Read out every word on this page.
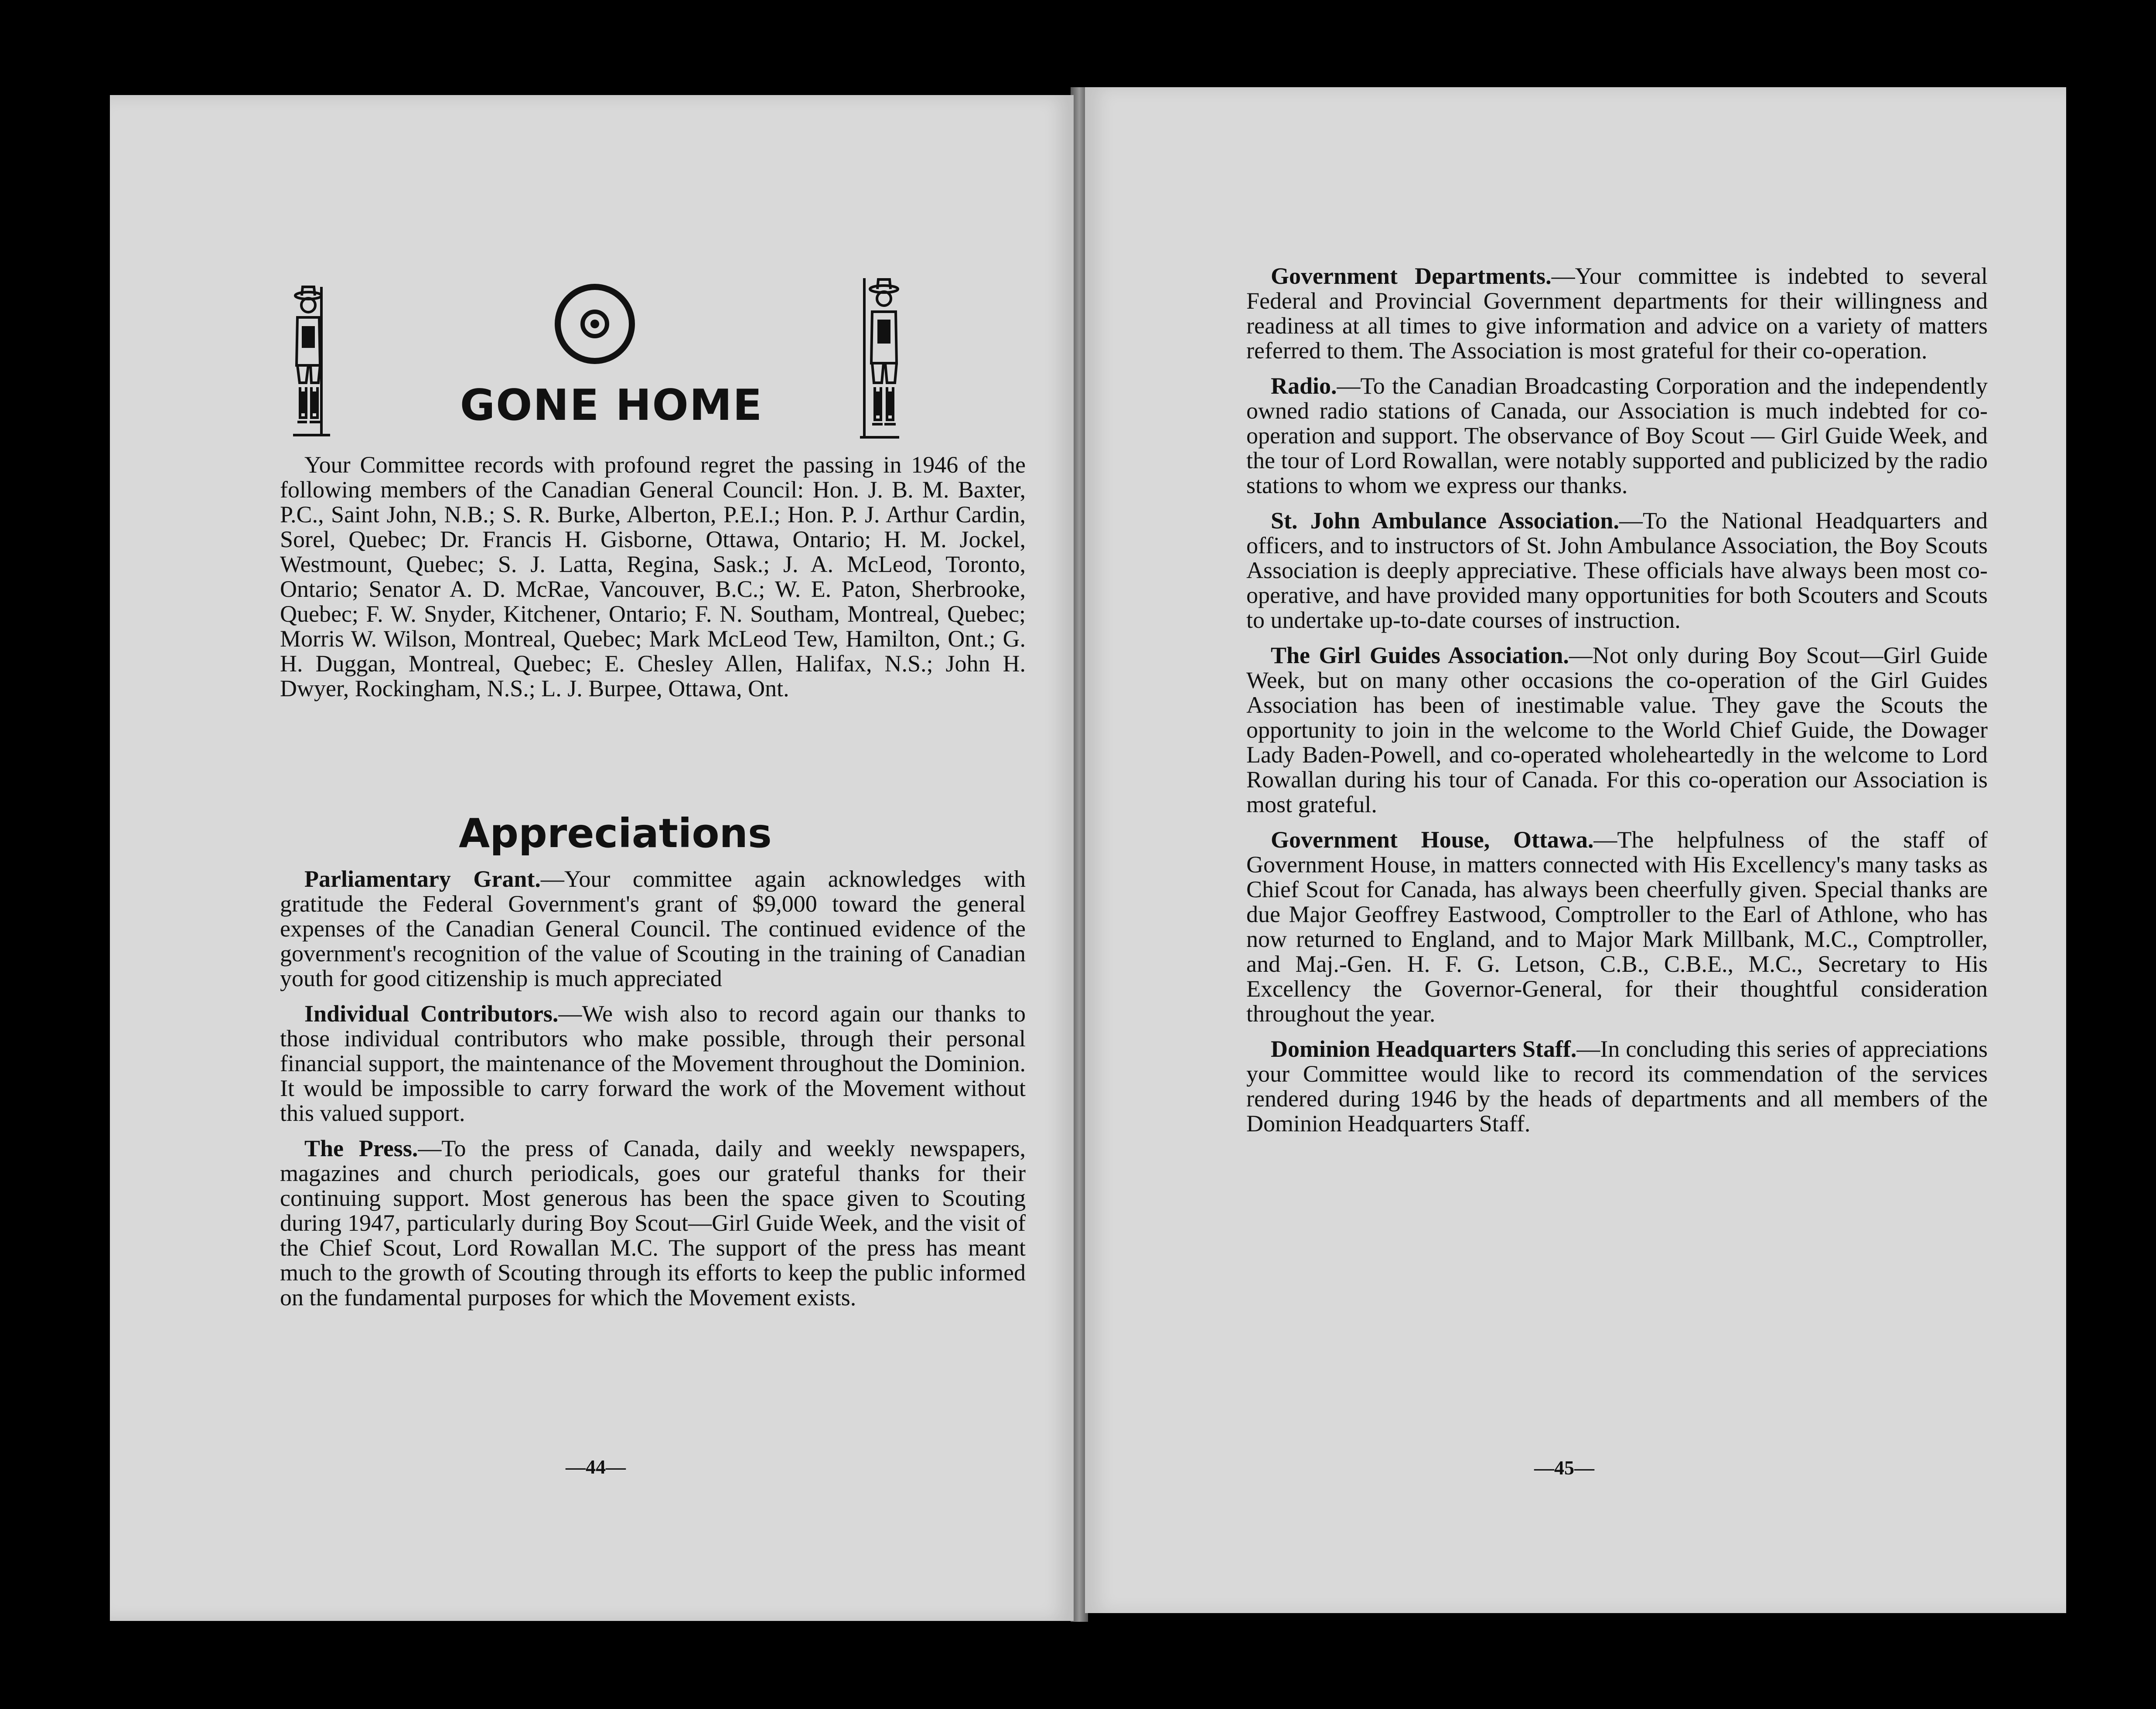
GONE HOME

Your Committee records with profound regret the passing in 1946 of the following members of the Canadian General Council: Hon. J. B. M. Baxter, P.C., Saint John, N.B.; S. R. Burke, Alberton, P.E.I.; Hon. P. J. Arthur Cardin, Sorel, Quebec; Dr. Francis H. Gisborne, Ottawa, Ontario; H. M. Jockel, Westmount, Quebec; S. J. Latta, Regina, Sask.; J. A. McLeod, Toronto, Ontario; Senator A. D. McRae, Vancouver, B.C.; W. E. Paton, Sherbrooke, Quebec; F. W. Snyder, Kitchener, Ontario; F. N. Southam, Montreal, Quebec; Morris W. Wilson, Montreal, Quebec; Mark McLeod Tew, Hamilton, Ont.; G. H. Duggan, Montreal, Quebec; E. Chesley Allen, Halifax, N.S.; John H. Dwyer, Rockingham, N.S.; L. J. Burpee, Ottawa, Ont.

Appreciations

Parliamentary Grant.—Your committee again acknowledges with gratitude the Federal Government's grant of $9,000 toward the general expenses of the Canadian General Council. The continued evidence of the government's recognition of the value of Scouting in the training of Canadian youth for good citizenship is much appreciated

Individual Contributors.—We wish also to record again our thanks to those individual contributors who make possible, through their personal financial support, the maintenance of the Movement throughout the Dominion. It would be impossible to carry forward the work of the Movement without this valued support.

The Press.—To the press of Canada, daily and weekly newspapers, magazines and church periodicals, goes our grateful thanks for their continuing support. Most generous has been the space given to Scouting during 1947, particularly during Boy Scout—Girl Guide Week, and the visit of the Chief Scout, Lord Rowallan M.C. The support of the press has meant much to the growth of Scouting through its efforts to keep the public informed on the fundamental purposes for which the Movement exists.

—44—

Government Departments.—Your committee is indebted to several Federal and Provincial Government departments for their willingness and readiness at all times to give information and advice on a variety of matters referred to them. The Association is most grateful for their co-operation.

Radio.—To the Canadian Broadcasting Corporation and the independently owned radio stations of Canada, our Association is much indebted for co-operation and support. The observance of Boy Scout — Girl Guide Week, and the tour of Lord Rowallan, were notably supported and publicized by the radio stations to whom we express our thanks.

St. John Ambulance Association.—To the National Headquarters and officers, and to instructors of St. John Ambulance Association, the Boy Scouts Association is deeply appreciative. These officials have always been most co-operative, and have provided many opportunities for both Scouters and Scouts to undertake up-to-date courses of instruction.

The Girl Guides Association.—Not only during Boy Scout—Girl Guide Week, but on many other occasions the co-operation of the Girl Guides Association has been of inestimable value. They gave the Scouts the opportunity to join in the welcome to the World Chief Guide, the Dowager Lady Baden-Powell, and co-operated wholeheartedly in the welcome to Lord Rowallan during his tour of Canada. For this co-operation our Association is most grateful.

Government House, Ottawa.—The helpfulness of the staff of Government House, in matters connected with His Excellency's many tasks as Chief Scout for Canada, has always been cheerfully given. Special thanks are due Major Geoffrey Eastwood, Comptroller to the Earl of Athlone, who has now returned to England, and to Major Mark Millbank, M.C., Comptroller, and Maj.-Gen. H. F. G. Letson, C.B., C.B.E., M.C., Secretary to His Excellency the Governor-General, for their thoughtful consideration throughout the year.

Dominion Headquarters Staff.—In concluding this series of appreciations your Committee would like to record its commendation of the services rendered during 1946 by the heads of departments and all members of the Dominion Headquarters Staff.

—45—
